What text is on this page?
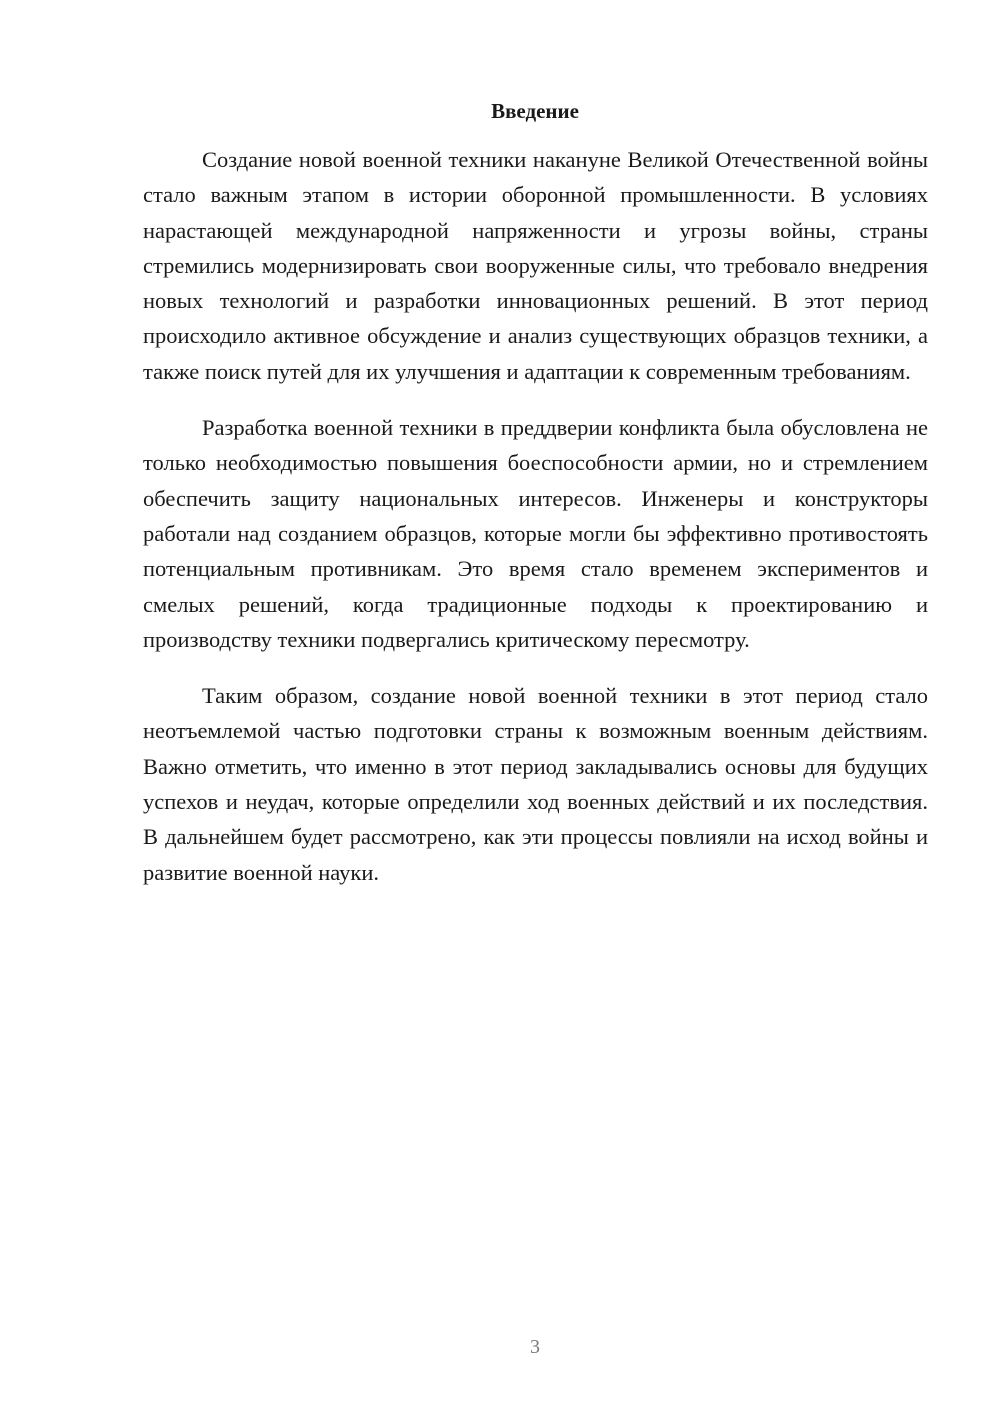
Введение

Создание новой военной техники накануне Великой Отечественной войны стало важным этапом в истории оборонной промышленности. В условиях нарастающей международной напряженности и угрозы войны, страны стремились модернизировать свои вооруженные силы, что требовало внедрения новых технологий и разработки инновационных решений. В этот период происходило активное обсуждение и анализ существующих образцов техники, а также поиск путей для их улучшения и адаптации к современным требованиям.

Разработка военной техники в преддверии конфликта была обусловлена не только необходимостью повышения боеспособности армии, но и стремлением обеспечить защиту национальных интересов. Инженеры и конструкторы работали над созданием образцов, которые могли бы эффективно противостоять потенциальным противникам. Это время стало временем экспериментов и смелых решений, когда традиционные подходы к проектированию и производству техники подвергались критическому пересмотру.

Таким образом, создание новой военной техники в этот период стало неотъемлемой частью подготовки страны к возможным военным действиям. Важно отметить, что именно в этот период закладывались основы для будущих успехов и неудач, которые определили ход военных действий и их последствия. В дальнейшем будет рассмотрено, как эти процессы повлияли на исход войны и развитие военной науки.

3
